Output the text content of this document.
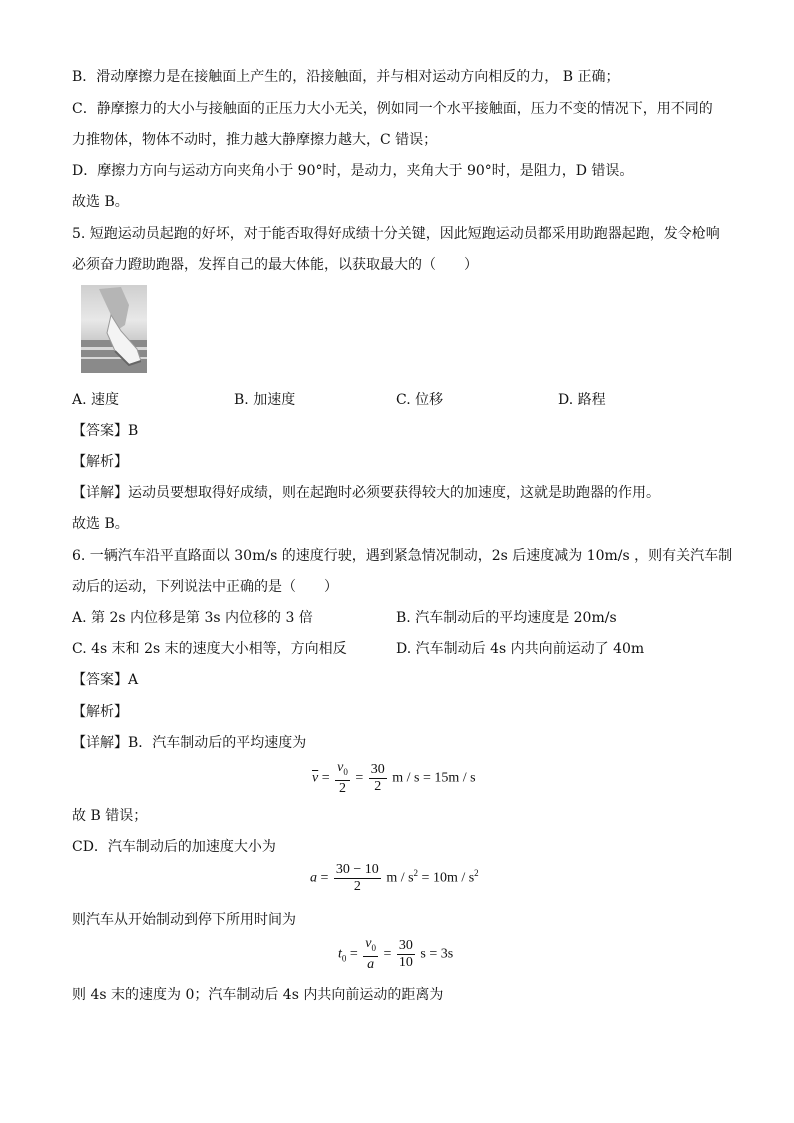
B．滑动摩擦力是在接触面上产生的，沿接触面，并与相对运动方向相反的力， B 正确；
C．静摩擦力的大小与接触面的正压力大小无关，例如同一个水平接触面，压力不变的情况下，用不同的
力推物体，物体不动时，推力越大静摩擦力越大，C 错误；
D．摩擦力方向与运动方向夹角小于 90°时，是动力，夹角大于 90°时，是阻力，D 错误。
故选 B。
5. 短跑运动员起跑的好坏，对于能否取得好成绩十分关键，因此短跑运动员都采用助跑器起跑，发令枪响
必须奋力蹬助跑器，发挥自己的最大体能，以获取最大的（　　）
A. 速度	B. 加速度	C. 位移	D. 路程
【答案】B
【解析】
【详解】运动员要想取得好成绩，则在起跑时必须要获得较大的加速度，这就是助跑器的作用。
故选 B。
6. 一辆汽车沿平直路面以 30m/s 的速度行驶，遇到紧急情况制动，2s 后速度减为 10m/s ，则有关汽车制
动后的运动，下列说法中正确的是（　　）
A. 第 2s 内位移是第 3s 内位移的 3 倍	B. 汽车制动后的平均速度是 20m/s
C. 4s 末和 2s 末的速度大小相等，方向相反	D. 汽车制动后 4s 内共向前运动了 40m
【答案】A
【解析】
【详解】B．汽车制动后的平均速度为
$\overline{v} = \frac{v_0}{2} = \frac{30}{2}$ m / s = 15m / s
故 B 错误；
CD．汽车制动后的加速度大小为
$a = \frac{30 - 10}{2}$ $m / s^2 = 10m / s^2$
则汽车从开始制动到停下所用时间为
$t_0 = \frac{v_0}{a} = \frac{30}{10}$ s = 3s
则 4s 末的速度为 0；汽车制动后 4s 内共向前运动的距离为
